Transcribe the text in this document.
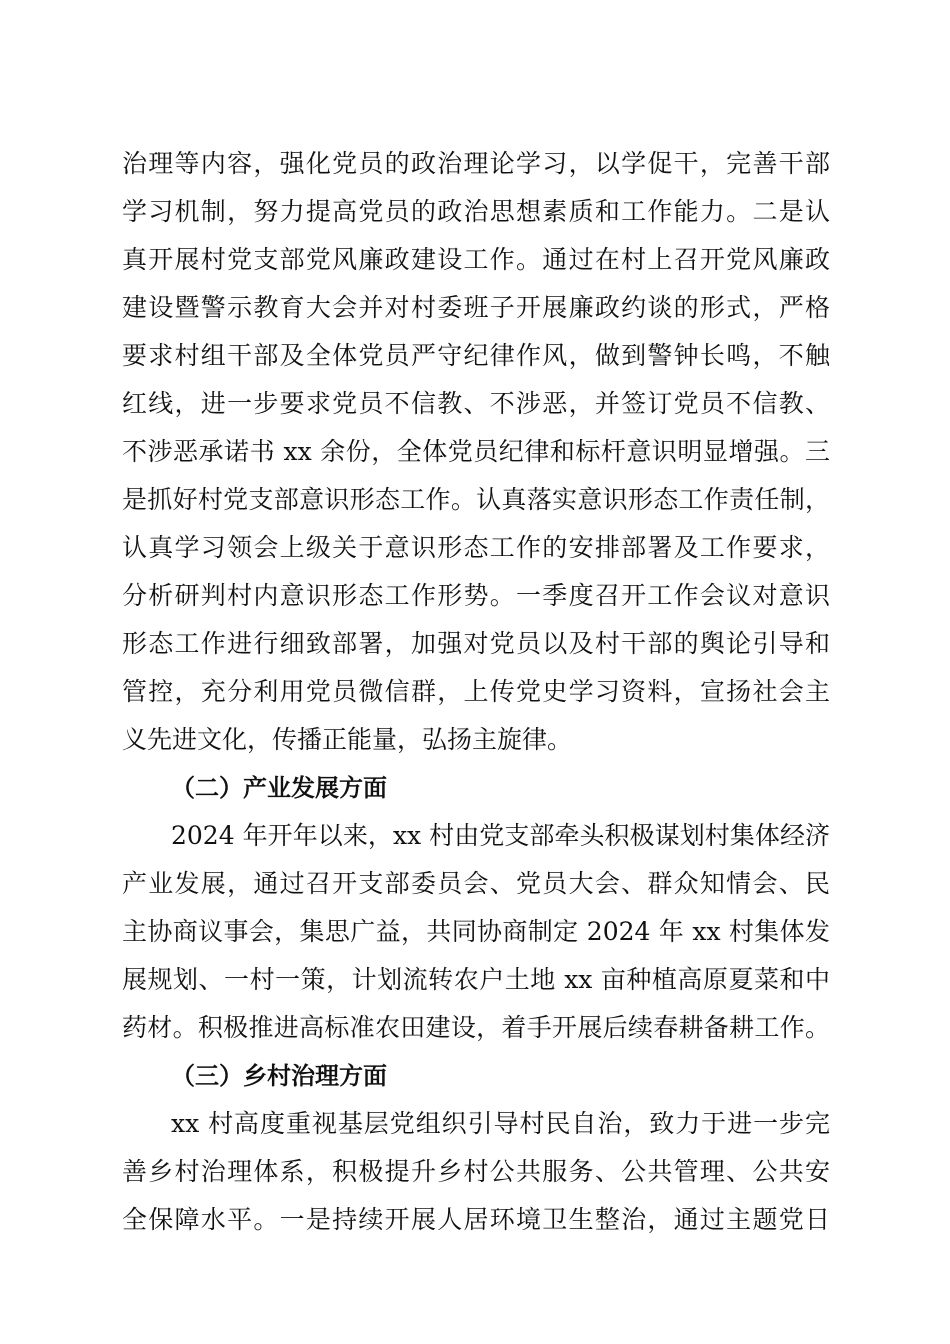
治理等内容，强化党员的政治理论学习，以学促干，完善干部
学习机制，努力提高党员的政治思想素质和工作能力。二是认
真开展村党支部党风廉政建设工作。通过在村上召开党风廉政
建设暨警示教育大会并对村委班子开展廉政约谈的形式，严格
要求村组干部及全体党员严守纪律作风，做到警钟长鸣，不触
红线，进一步要求党员不信教、不涉恶，并签订党员不信教、
不涉恶承诺书 xx 余份，全体党员纪律和标杆意识明显增强。三
是抓好村党支部意识形态工作。认真落实意识形态工作责任制，
认真学习领会上级关于意识形态工作的安排部署及工作要求，
分析研判村内意识形态工作形势。一季度召开工作会议对意识
形态工作进行细致部署，加强对党员以及村干部的舆论引导和
管控，充分利用党员微信群，上传党史学习资料，宣扬社会主
义先进文化，传播正能量，弘扬主旋律。
（二）产业发展方面
2024 年开年以来，xx 村由党支部牵头积极谋划村集体经济
产业发展，通过召开支部委员会、党员大会、群众知情会、民
主协商议事会，集思广益，共同协商制定 2024 年 xx 村集体发
展规划、一村一策，计划流转农户土地 xx 亩种植高原夏菜和中
药材。积极推进高标准农田建设，着手开展后续春耕备耕工作。
（三）乡村治理方面
xx 村高度重视基层党组织引导村民自治，致力于进一步完
善乡村治理体系，积极提升乡村公共服务、公共管理、公共安
全保障水平。一是持续开展人居环境卫生整治，通过主题党日
